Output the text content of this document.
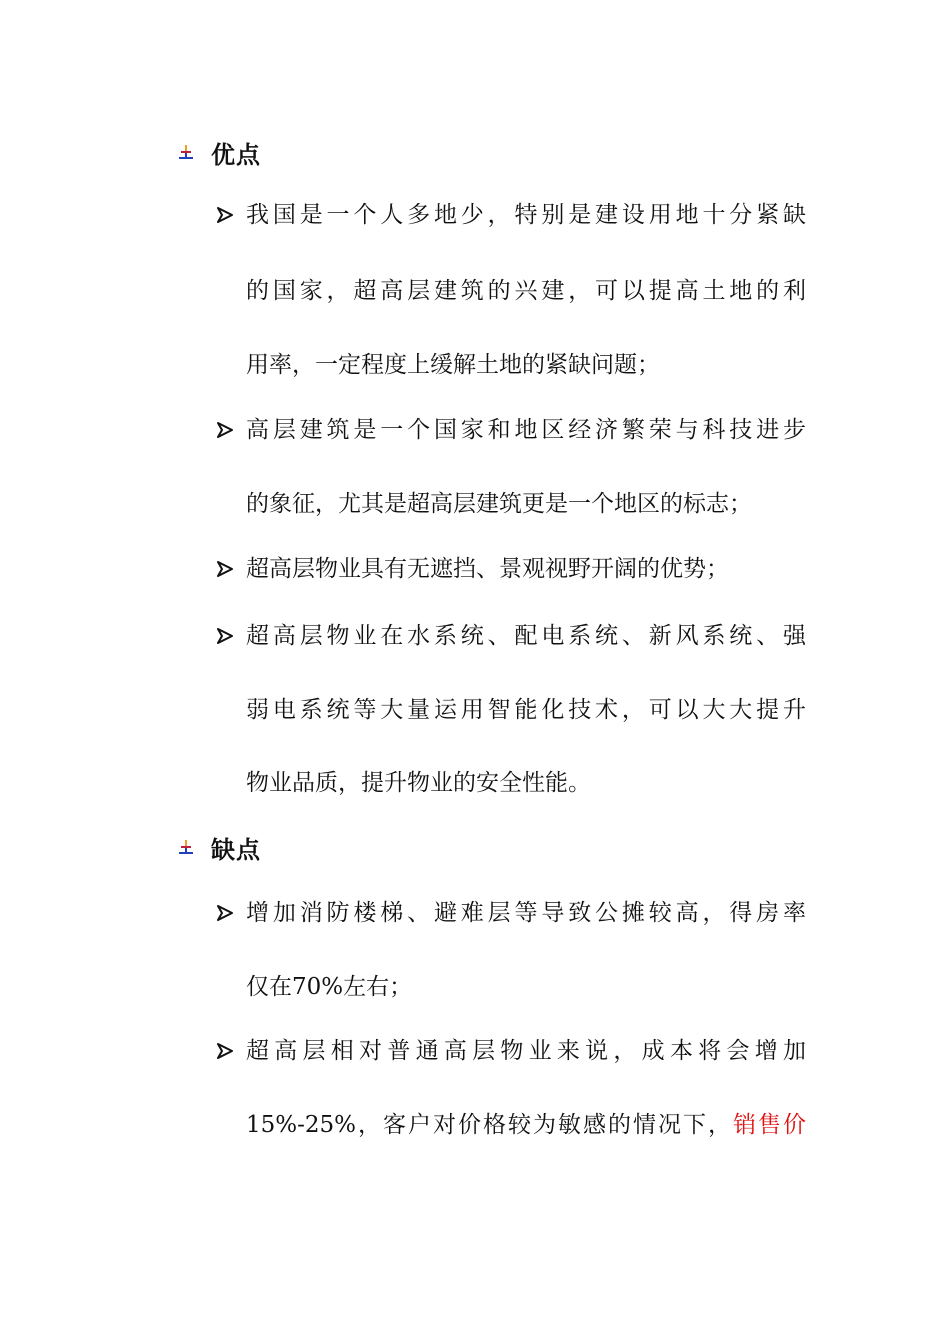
优点
我国是一个人多地少，特别是建设用地十分紧缺
的国家，超高层建筑的兴建，可以提高土地的利
用率，一定程度上缓解土地的紧缺问题；
高层建筑是一个国家和地区经济繁荣与科技进步
的象征，尤其是超高层建筑更是一个地区的标志；
超高层物业具有无遮挡、景观视野开阔的优势；
超高层物业在水系统、配电系统、新风系统、强
弱电系统等大量运用智能化技术，可以大大提升
物业品质，提升物业的安全性能。
缺点
增加消防楼梯、避难层等导致公摊较高，得房率
仅在70%左右；
超高层相对普通高层物业来说，成本将会增加
15%-25%，客户对价格较为敏感的情况下，销售价
